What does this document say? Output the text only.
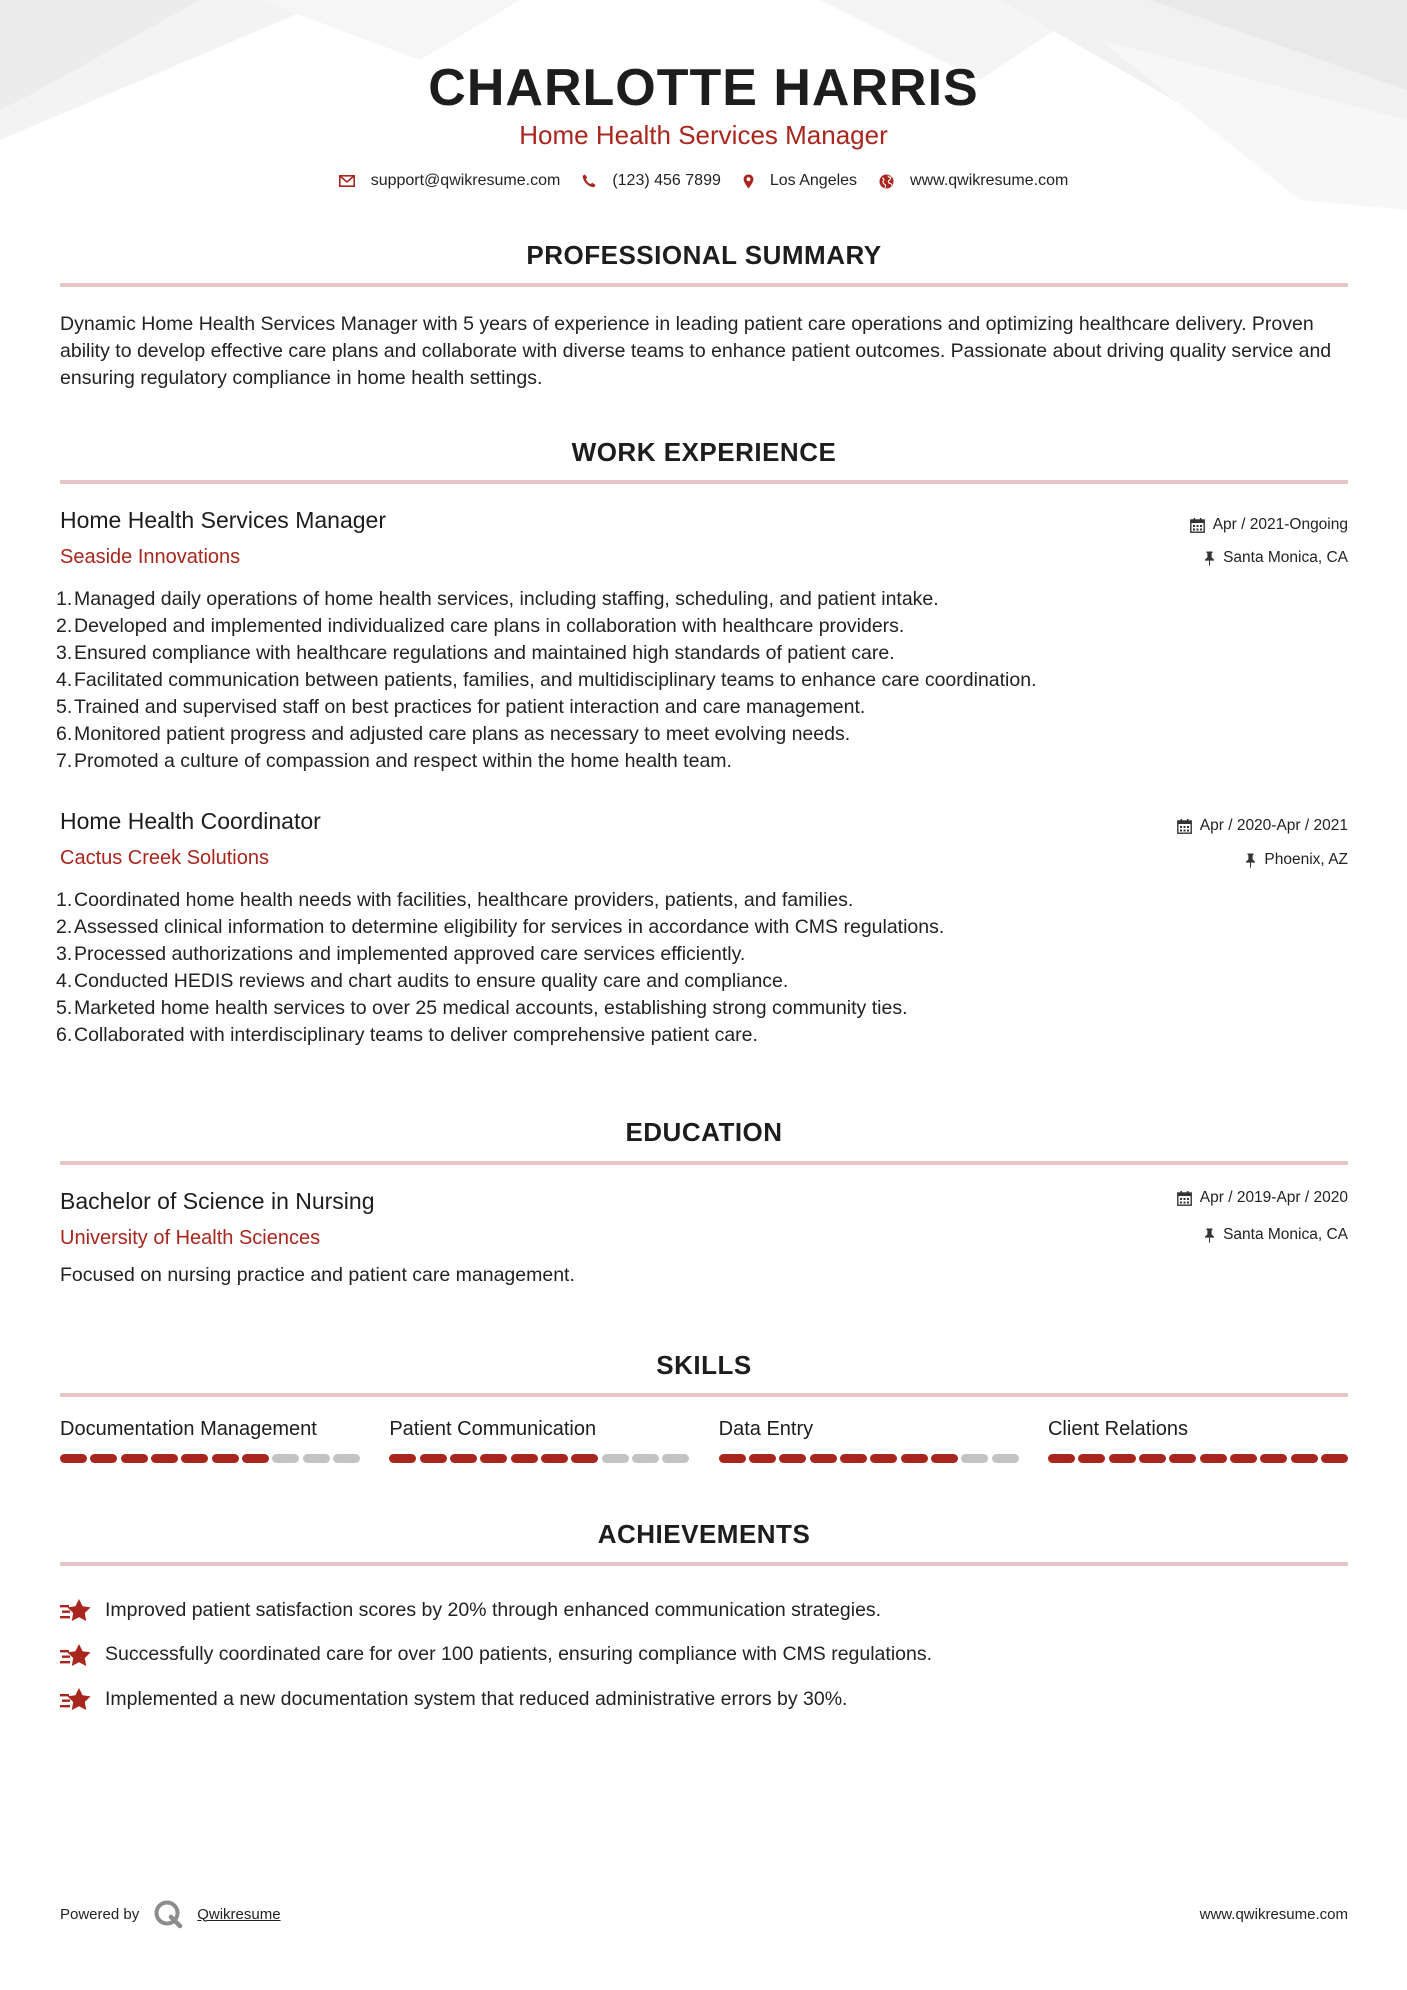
CHARLOTTE HARRIS
Home Health Services Manager
support@qwikresume.com	(123) 456 7899	Los Angeles	www.qwikresume.com
PROFESSIONAL SUMMARY
Dynamic Home Health Services Manager with 5 years of experience in leading patient care operations and optimizing healthcare delivery. Proven ability to develop effective care plans and collaborate with diverse teams to enhance patient outcomes. Passionate about driving quality service and ensuring regulatory compliance in home health settings.
WORK EXPERIENCE
Home Health Services Manager
Seaside Innovations
Apr / 2021-Ongoing
Santa Monica, CA
1. Managed daily operations of home health services, including staffing, scheduling, and patient intake.
2. Developed and implemented individualized care plans in collaboration with healthcare providers.
3. Ensured compliance with healthcare regulations and maintained high standards of patient care.
4. Facilitated communication between patients, families, and multidisciplinary teams to enhance care coordination.
5. Trained and supervised staff on best practices for patient interaction and care management.
6. Monitored patient progress and adjusted care plans as necessary to meet evolving needs.
7. Promoted a culture of compassion and respect within the home health team.
Home Health Coordinator
Cactus Creek Solutions
Apr / 2020-Apr / 2021
Phoenix, AZ
1. Coordinated home health needs with facilities, healthcare providers, patients, and families.
2. Assessed clinical information to determine eligibility for services in accordance with CMS regulations.
3. Processed authorizations and implemented approved care services efficiently.
4. Conducted HEDIS reviews and chart audits to ensure quality care and compliance.
5. Marketed home health services to over 25 medical accounts, establishing strong community ties.
6. Collaborated with interdisciplinary teams to deliver comprehensive patient care.
EDUCATION
Bachelor of Science in Nursing
University of Health Sciences
Apr / 2019-Apr / 2020
Santa Monica, CA
Focused on nursing practice and patient care management.
SKILLS
Documentation Management	Patient Communication	Data Entry	Client Relations
ACHIEVEMENTS
Improved patient satisfaction scores by 20% through enhanced communication strategies.
Successfully coordinated care for over 100 patients, ensuring compliance with CMS regulations.
Implemented a new documentation system that reduced administrative errors by 30%.
Powered by	Qwikresume	www.qwikresume.com
